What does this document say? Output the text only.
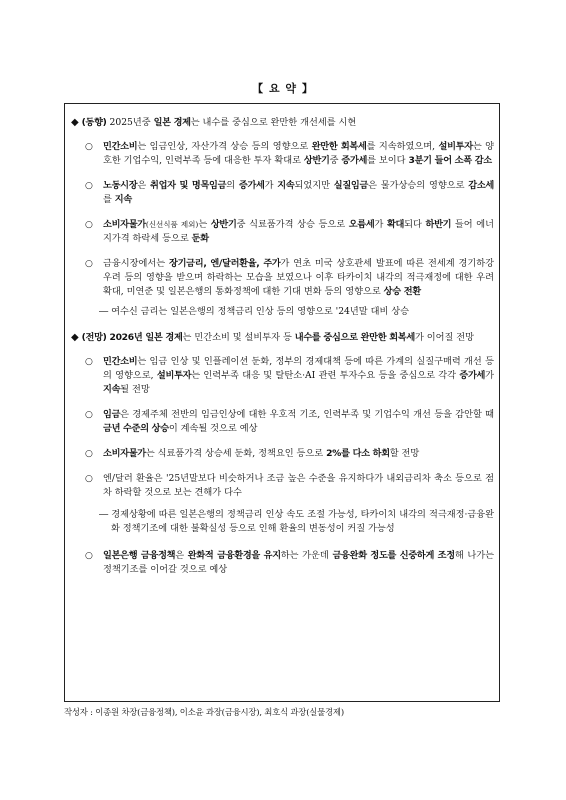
【 요 약 】

◆ (동향) 2025년중 일본 경제는 내수를 중심으로 완만한 개선세를 시현

○ 민간소비는 임금인상, 자산가격 상승 등의 영향으로 완만한 회복세를 지속하였으며, 설비투자는 양호한 기업수익, 인력부족 등에 대응한 투자 확대로 상반기중 증가세를 보이다 3분기 들어 소폭 감소

○ 노동시장은 취업자 및 명목임금의 증가세가 지속되었지만 실질임금은 물가상승의 영향으로 감소세를 지속

○ 소비자물가(신선식품 제외)는 상반기중 식료품가격 상승 등으로 오름세가 확대되다 하반기 들어 에너지가격 하락세 등으로 둔화

○ 금융시장에서는 장기금리, 엔/달러환율, 주가가 연초 미국 상호관세 발표에 따른 전세계 경기하강 우려 등의 영향을 받으며 하락하는 모습을 보였으나 이후 타카이치 내각의 적극재정에 대한 우려 확대, 미연준 및 일본은행의 통화정책에 대한 기대 변화 등의 영향으로 상승 전환

― 여수신 금리는 일본은행의 정책금리 인상 등의 영향으로 '24년말 대비 상승

◆ (전망) 2026년 일본 경제는 민간소비 및 설비투자 등 내수를 중심으로 완만한 회복세가 이어질 전망

○ 민간소비는 임금 인상 및 인플레이션 둔화, 정부의 경제대책 등에 따른 가계의 실질구매력 개선 등의 영향으로, 설비투자는 인력부족 대응 및 탈탄소·AI 관련 투자수요 등을 중심으로 각각 증가세가 지속될 전망

○ 임금은 경제주체 전반의 임금인상에 대한 우호적 기조, 인력부족 및 기업수익 개선 등을 감안할 때 금년 수준의 상승이 계속될 것으로 예상

○ 소비자물가는 식료품가격 상승세 둔화, 정책요인 등으로 2%를 다소 하회할 전망

○ 엔/달러 환율은 '25년말보다 비슷하거나 조금 높은 수준을 유지하다가 내외금리차 축소 등으로 점차 하락할 것으로 보는 견해가 다수

― 경제상황에 따른 일본은행의 정책금리 인상 속도 조절 가능성, 타카이치 내각의 적극재정·금융완화 정책기조에 대한 불확실성 등으로 인해 환율의 변동성이 커질 가능성

○ 일본은행 금융정책은 완화적 금융환경을 유지하는 가운데 금융완화 정도를 신중하게 조정해 나가는 정책기조를 이어갈 것으로 예상

작성자 : 이종원 차장(금융정책), 이소윤 과장(금융시장), 최호식 과장(실물경제)
